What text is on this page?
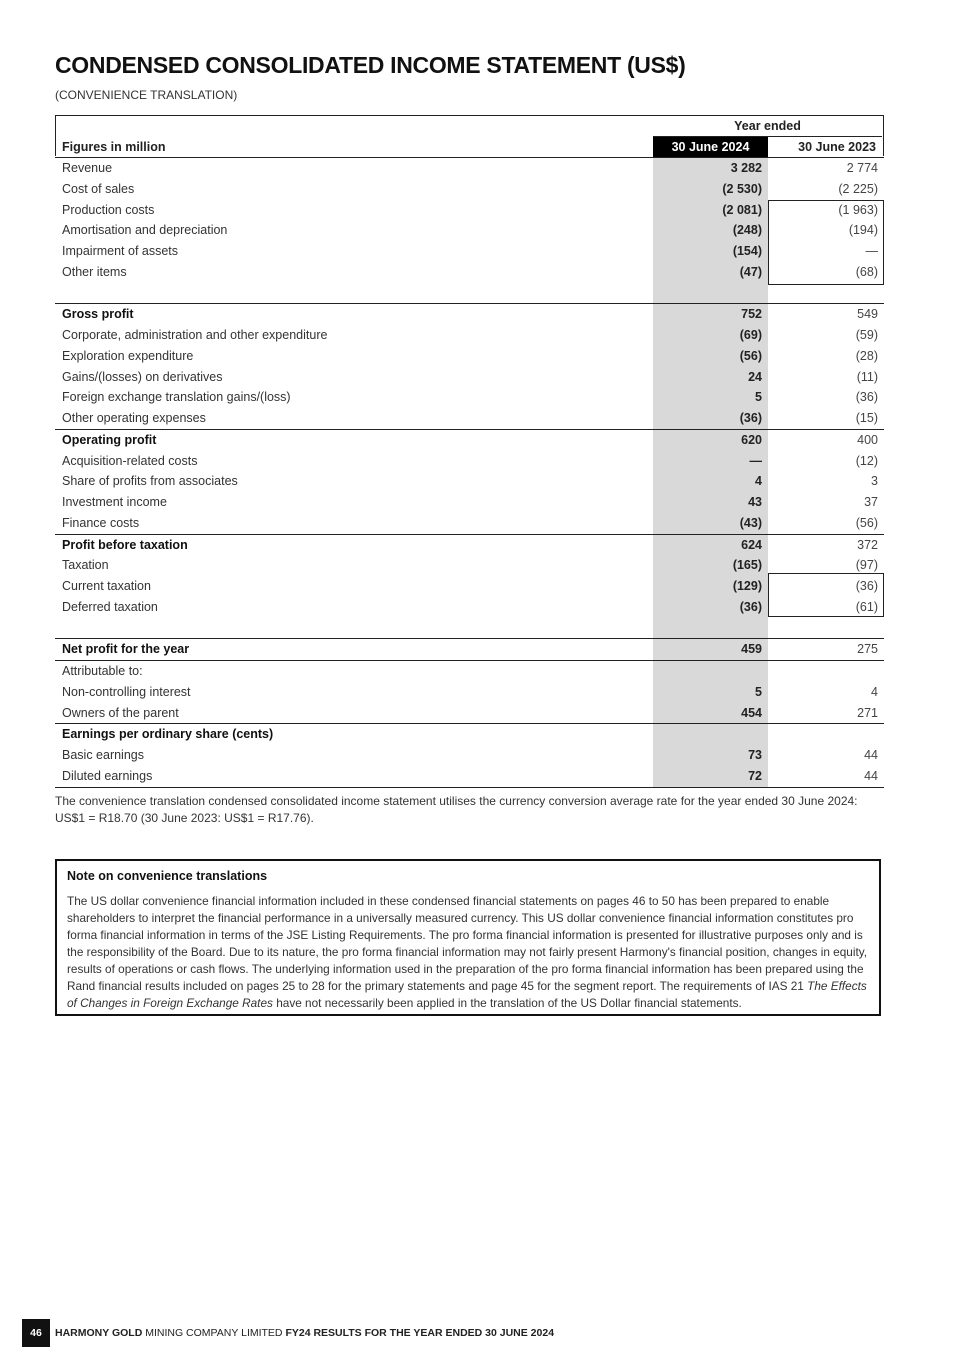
CONDENSED CONSOLIDATED INCOME STATEMENT (US$)
(CONVENIENCE TRANSLATION)
Year ended
Figures in million	30 June 2024	30 June 2023
Revenue	3 282	2 774
Cost of sales	(2 530)	(2 225)
Production costs	(2 081)	(1 963)
Amortisation and depreciation	(248)	(194)
Impairment of assets	(154)	—
Other items	(47)	(68)
Gross profit	752	549
Corporate, administration and other expenditure	(69)	(59)
Exploration expenditure	(56)	(28)
Gains/(losses) on derivatives	24	(11)
Foreign exchange translation gains/(loss)	5	(36)
Other operating expenses	(36)	(15)
Operating profit	620	400
Acquisition-related costs	—	(12)
Share of profits from associates	4	3
Investment income	43	37
Finance costs	(43)	(56)
Profit before taxation	624	372
Taxation	(165)	(97)
Current taxation	(129)	(36)
Deferred taxation	(36)	(61)
Net profit for the year	459	275
Attributable to:
Non-controlling interest	5	4
Owners of the parent	454	271
Earnings per ordinary share (cents)
Basic earnings	73	44
Diluted earnings	72	44
The convenience translation condensed consolidated income statement utilises the currency conversion average rate for the year ended 30 June 2024: US$1 = R18.70 (30 June 2023: US$1 = R17.76).
Note on convenience translations

The US dollar convenience financial information included in these condensed financial statements on pages 46 to 50 has been prepared to enable shareholders to interpret the financial performance in a universally measured currency. This US dollar convenience financial information constitutes pro forma financial information in terms of the JSE Listing Requirements. The pro forma financial information is presented for illustrative purposes only and is the responsibility of the Board. Due to its nature, the pro forma financial information may not fairly present Harmony's financial position, changes in equity, results of operations or cash flows. The underlying information used in the preparation of the pro forma financial information has been prepared using the Rand financial results included on pages 25 to 28 for the primary statements and page 45 for the segment report. The requirements of IAS 21 The Effects of Changes in Foreign Exchange Rates have not necessarily been applied in the translation of the US Dollar financial statements.

46	HARMONY GOLD MINING COMPANY LIMITED FY24 RESULTS FOR THE YEAR ENDED 30 JUNE 2024
